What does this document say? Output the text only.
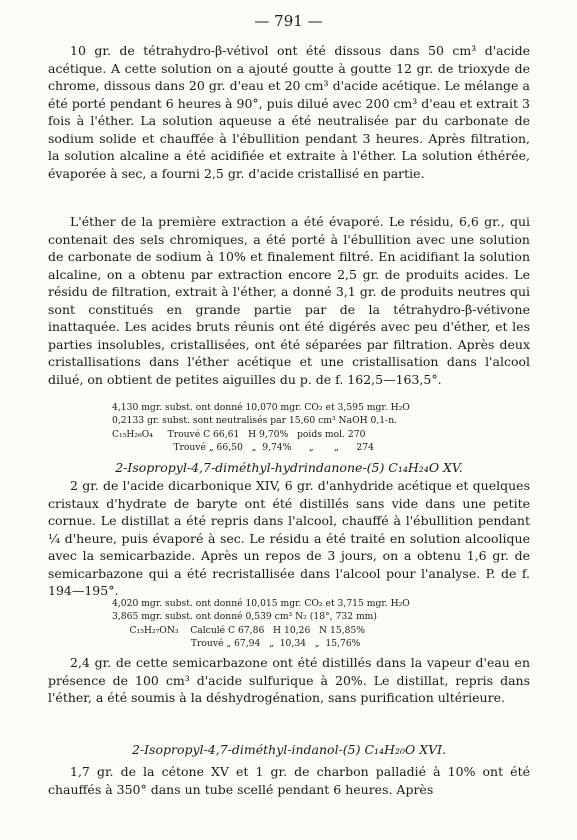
— 791 —
10 gr. de tétrahydro-β-vétivol ont été dissous dans 50 cm³ d'acide acétique. A cette solution on a ajouté goutte à goutte 12 gr. de trioxyde de chrome, dissous dans 20 gr. d'eau et 20 cm³ d'acide acétique. Le mélange a été porté pendant 6 heures à 90°, puis dilué avec 200 cm³ d'eau et extrait 3 fois à l'éther. La solution aqueuse a été neutralisée par du carbonate de sodium solide et chauffée à l'ébullition pendant 3 heures. Après filtration, la solution alcaline a été acidifiée et extraite à l'éther. La solution éthérée, évaporée à sec, a fourni 2,5 gr. d'acide cristallisé en partie.
L'éther de la première extraction a été évaporé. Le résidu, 6,6 gr., qui contenait des sels chromiques, a été porté à l'ébullition avec une solution de carbonate de sodium à 10% et finalement filtré. En acidifiant la solution alcaline, on a obtenu par extraction encore 2,5 gr. de produits acides. Le résidu de filtration, extrait à l'éther, a donné 3,1 gr. de produits neutres qui sont constitués en grande partie par de la tétrahydro-β-vétivone inattaquée. Les acides bruts réunis ont été digérés avec peu d'éther, et les parties insolubles, cristallisées, ont été séparées par filtration. Après deux cristallisations dans l'éther acétique et une cristallisation dans l'alcool dilué, on obtient de petites aiguilles du p. de f. 162,5—163,5°.
4,130 mgr. subst. ont donné 10,070 mgr. CO₂ et 3,595 mgr. H₂O
0,2133 gr. subst. sont neutralisés par 15,60 cm³ NaOH 0,1-n.
C₁₅H₂₆O₄     Trouvé C 66,61   H 9,70%   poids mol. 270
Trouvé „ 66,50   „  9,74%      „       „      274
2-Isopropyl-4,7-diméthyl-hydrindanone-(5) C₁₄H₂₄O XV.
2 gr. de l'acide dicarbonique XIV, 6 gr. d'anhydride acétique et quelques cristaux d'hydrate de baryte ont été distillés sans vide dans une petite cornue. Le distillat a été repris dans l'alcool, chauffé à l'ébullition pendant ¼ d'heure, puis évaporé à sec. Le résidu a été traité en solution alcoolique avec la semicarbazide. Après un repos de 3 jours, on a obtenu 1,6 gr. de semicarbazone qui a été recristallisée dans l'alcool pour l'analyse. P. de f. 194—195°.
4,020 mgr. subst. ont donné 10,015 mgr. CO₂ et 3,715 mgr. H₂O
3,865 mgr. subst. ont donné 0,539 cm³ N₂ (18°, 732 mm)
C₁₅H₂₇ON₃    Calculé C 67,86   H 10,26   N 15,85%
Trouvé „ 67,94   „  10,34   „  15,76%
2,4 gr. de cette semicarbazone ont été distillés dans la vapeur d'eau en présence de 100 cm³ d'acide sulfurique à 20%. Le distillat, repris dans l'éther, a été soumis à la déshydrogénation, sans purification ultérieure.
2-Isopropyl-4,7-diméthyl-indanol-(5) C₁₄H₂₀O XVI.
1,7 gr. de la cétone XV et 1 gr. de charbon palladié à 10% ont été chauffés à 350° dans un tube scellé pendant 6 heures. Après
